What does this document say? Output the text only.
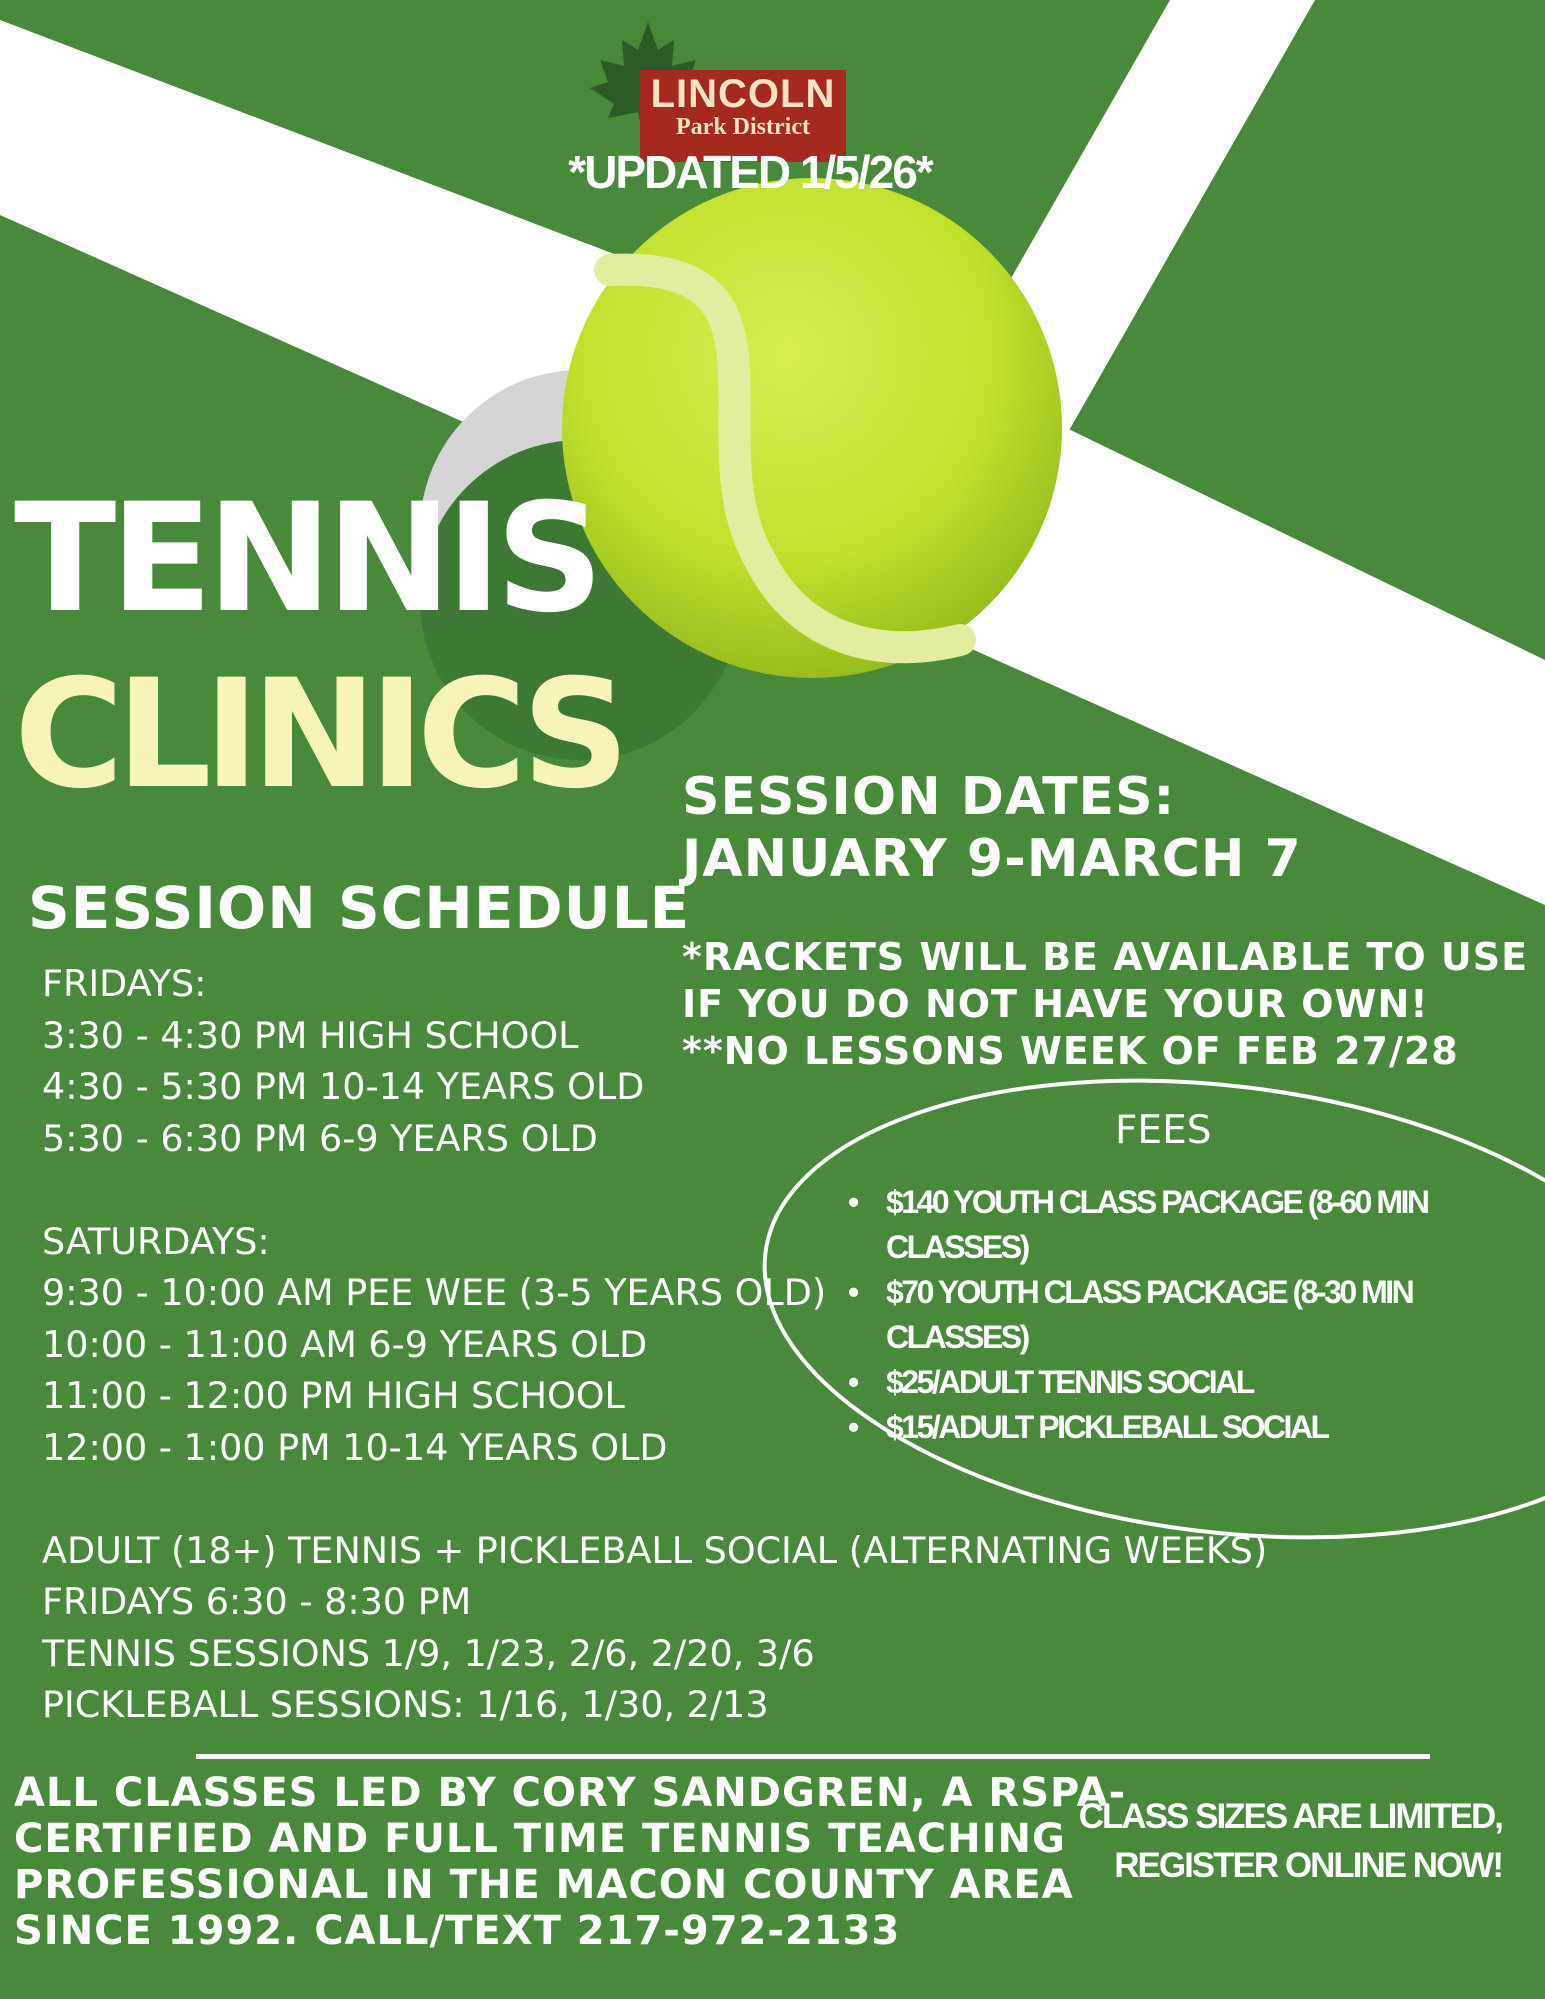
LINCOLN
Park District
*UPDATED 1/5/26*
TENNIS
CLINICS SESSION DATES:
JANUARY 9-MARCH 7
SESSION SCHEDULE
FRIDAYS:
3:30 - 4:30 PM HIGH SCHOOL
4:30 - 5:30 PM 10-14 YEARS OLD
5:30 - 6:30 PM 6-9 YEARS OLD
SATURDAYS:
9:30 - 10:00 AM PEE WEE (3-5 YEARS OLD)
10:00 - 11:00 AM 6-9 YEARS OLD
11:00 - 12:00 PM HIGH SCHOOL
12:00 - 1:00 PM 10-14 YEARS OLD
ADULT (18+) TENNIS + PICKLEBALL SOCIAL (ALTERNATING WEEKS)
FRIDAYS 6:30 - 8:30 PM
TENNIS SESSIONS 1/9, 1/23, 2/6, 2/20, 3/6
PICKLEBALL SESSIONS: 1/16, 1/30, 2/13
*RACKETS WILL BE AVAILABLE TO USE
IF YOU DO NOT HAVE YOUR OWN!
**NO LESSONS WEEK OF FEB 27/28
FEES
• $140 YOUTH CLASS PACKAGE (8-60 MIN CLASSES)
• $70 YOUTH CLASS PACKAGE (8-30 MIN CLASSES)
• $25/ADULT TENNIS SOCIAL
• $15/ADULT PICKLEBALL SOCIAL
ALL CLASSES LED BY CORY SANDGREN, A RSPA-
CERTIFIED AND FULL TIME TENNIS TEACHING
PROFESSIONAL IN THE MACON COUNTY AREA
SINCE 1992. CALL/TEXT 217-972-2133
CLASS SIZES ARE LIMITED,
REGISTER ONLINE NOW!
